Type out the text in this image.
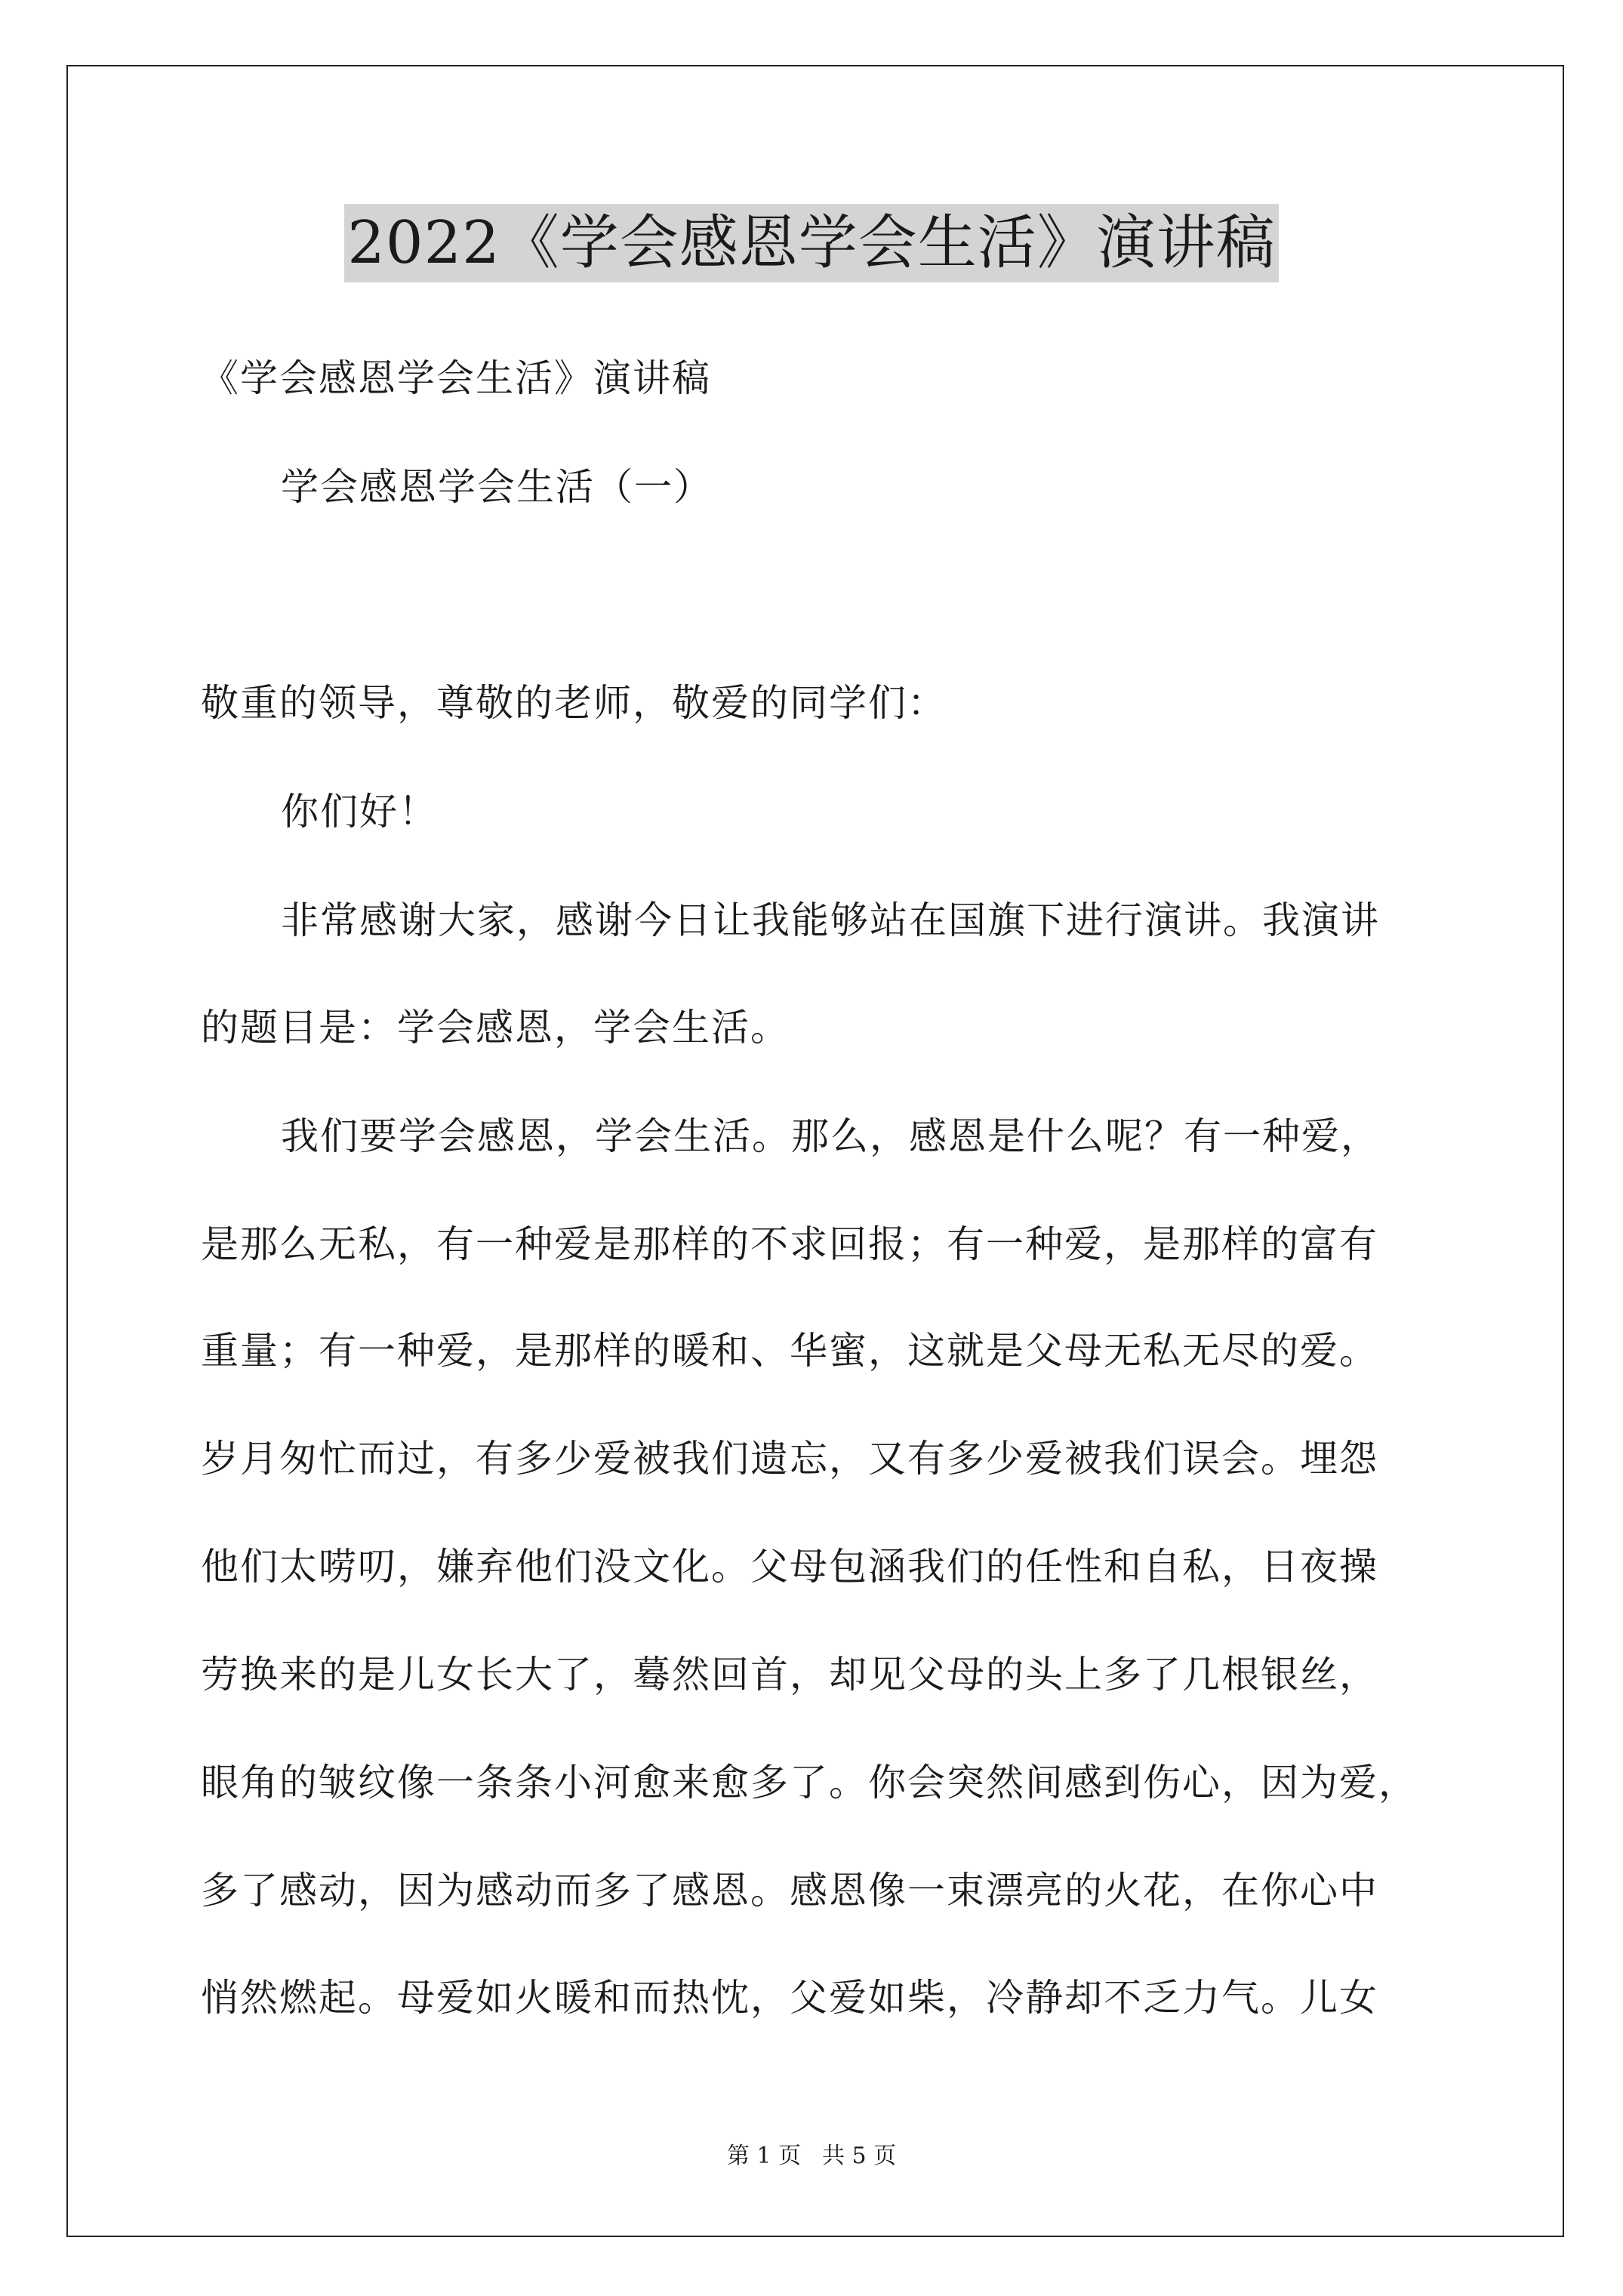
2022《学会感恩学会生活》演讲稿
《学会感恩学会生活》演讲稿
学会感恩学会生活（一）
敬重的领导，尊敬的老师，敬爱的同学们：
你们好！
非常感谢大家，感谢今日让我能够站在国旗下进行演讲。我演讲
的题目是：学会感恩，学会生活。
我们要学会感恩，学会生活。那么，感恩是什么呢？有一种爱，
是那么无私，有一种爱是那样的不求回报；有一种爱，是那样的富有
重量；有一种爱，是那样的暖和、华蜜，这就是父母无私无尽的爱。
岁月匆忙而过，有多少爱被我们遗忘，又有多少爱被我们误会。埋怨
他们太唠叨，嫌弃他们没文化。父母包涵我们的任性和自私，日夜操
劳换来的是儿女长大了，蓦然回首，却见父母的头上多了几根银丝，
眼角的皱纹像一条条小河愈来愈多了。你会突然间感到伤心，因为爱，
多了感动，因为感动而多了感恩。感恩像一束漂亮的火花，在你心中
悄然燃起。母爱如火暖和而热忱，父爱如柴，冷静却不乏力气。儿女
第 1 页 共 5 页
